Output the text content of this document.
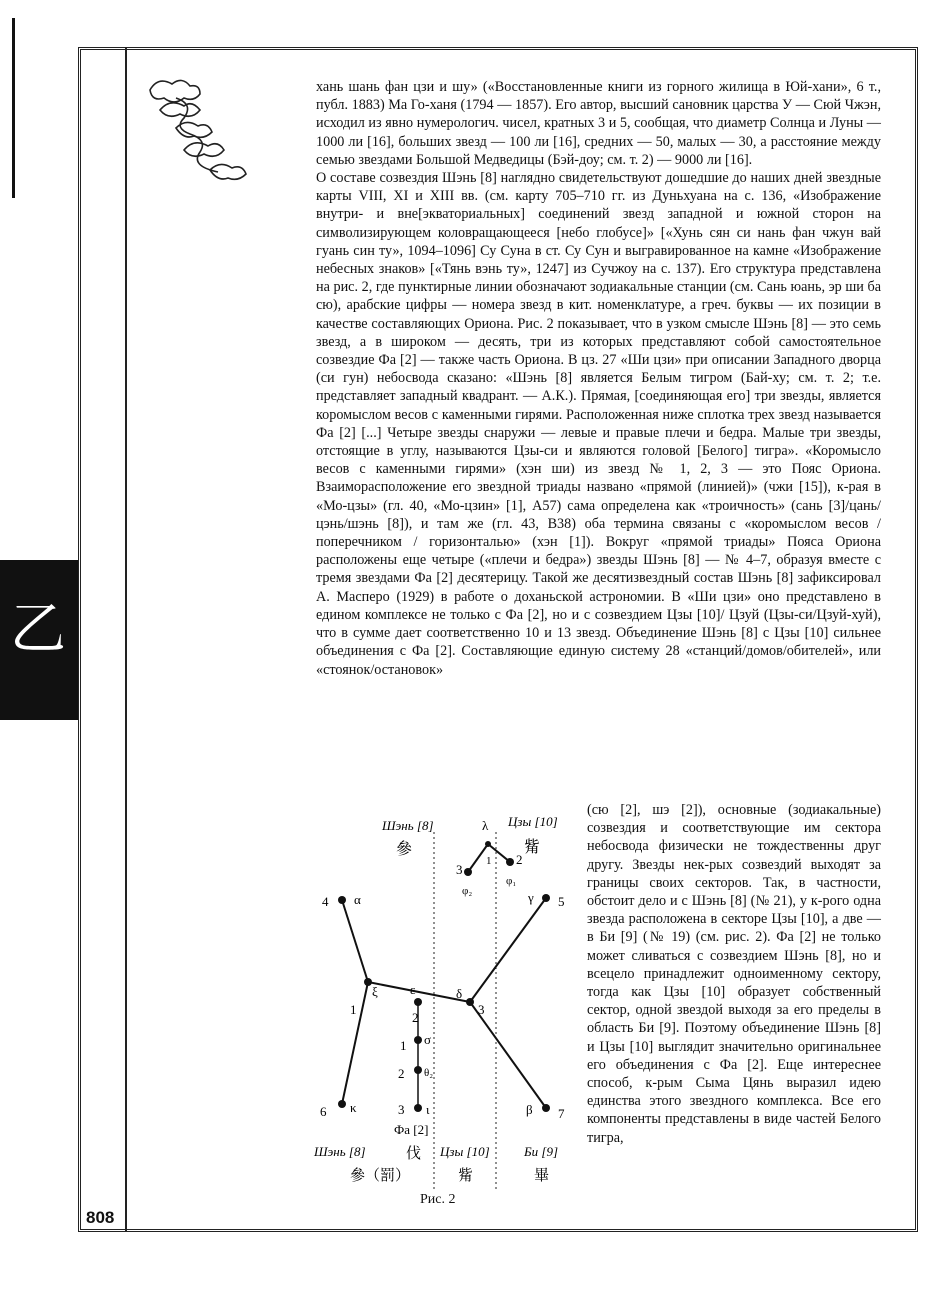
乙
808

хань шань фан цзи и шу» («Восстановленные книги из горного жилища в Юй-хани», 6 т., публ. 1883) Ма Го-ханя (1794 — 1857). Его автор, высший сановник царства У — Сюй Чжэн, исходил из явно нумерологич. чисел, кратных 3 и 5, сообщая, что диаметр Солнца и Луны — 1000 ли [16], больших звезд — 100 ли [16], средних — 50, малых — 30, а расстояние между семью звездами Большой Медведицы (Бэй-доу; см. т. 2) — 9000 ли [16].

О составе созвездия Шэнь [8] наглядно свидетельствуют дошедшие до наших дней звездные карты VIII, XI и XIII вв. (см. карту 705–710 гг. из Дуньхуана на с. 136, «Изображение внутри- и вне[экваториальных] соединений звезд западной и южной сторон на символизирующем коловращающееся [небо глобусе]» [«Хунь сян си нань фан чжун вай гуань син ту», 1094–1096] Су Суна в ст. Су Сун и выгравированное на камне «Изображение небесных знаков» [«Тянь вэнь ту», 1247] из Сучжоу на с. 137). Его структура представлена на рис. 2, где пунктирные линии обозначают зодиакальные станции (см. Сань юань, эр ши ба сю), арабские цифры — номера звезд в кит. номенклатуре, а греч. буквы — их позиции в качестве составляющих Ориона. Рис. 2 показывает, что в узком смысле Шэнь [8] — это семь звезд, а в широком — десять, три из которых представляют собой самостоятельное созвездие Фа [2] — также часть Ориона. В цз. 27 «Ши цзи» при описании Западного дворца (си гун) небосвода сказано: «Шэнь [8] является Белым тигром (Бай-ху; см. т. 2; т.е. представляет западный квадрант. — А.К.). Прямая, [соединяющая его] три звезды, является коромыслом весов с каменными гирями. Расположенная ниже сплотка трех звезд называется Фа [2] [...] Четыре звезды снаружи — левые и правые плечи и бедра. Малые три звезды, отстоящие в углу, называются Цзы-си и являются головой [Белого] тигра». «Коромысло весов с каменными гирями» (хэн ши) из звезд № 1, 2, 3 — это Пояс Ориона. Взаиморасположение его звездной триады названо «прямой (линией)» (чжи [15]), к-рая в «Мо-цзы» (гл. 40, «Мо-цзин» [1], А57) сама определена как «троичность» (сань [3]/цань/цэнь/шэнь [8]), и там же (гл. 43, В38) оба термина связаны с «коромыслом весов / поперечником / горизонталью» (хэн [1]). Вокруг «прямой триады» Пояса Ориона расположены еще четыре («плечи и бедра») звезды Шэнь [8] — № 4–7, образуя вместе с тремя звездами Фа [2] десятерицу. Такой же десятизвездный состав Шэнь [8] зафиксировал А. Масперо (1929) в работе о доханьской астрономии. В «Ши цзи» оно представлено в едином комплексе не только с Фа [2], но и с созвездием Цзы [10]/ Цзуй (Цзы-си/Цзуй-хуй), что в сумме дает соответственно 10 и 13 звезд. Объединение Шэнь [8] с Цзы [10] сильнее объединения с Фа [2]. Составляющие единую систему 28 «станций/домов/обителей», или «стоянок/остановок»

(сю [2], шэ [2]), основные (зодиакальные) созвездия и соответствующие им сектора небосвода физически не тождественны друг другу. Звезды нек-рых созвездий выходят за границы своих секторов. Так, в частности, обстоит дело и с Шэнь [8] (№ 21), у к-рого одна звезда расположена в секторе Цзы [10], а две — в Би [9] (№ 19) (см. рис. 2). Фа [2] не только может сливаться с созвездием Шэнь [8], но и всецело принадлежит одноименному сектору, тогда как Цзы [10] образует собственный сектор, одной звездой выходя за его пределы в область Би [9]. Поэтому объединение Шэнь [8] и Цзы [10] выглядит значительно оригинальнее его объединения с Фа [2]. Еще интереснее способ, к-рым Сыма Цянь выразил идею единства этого звездного комплекса. Все его компоненты представлены в виде частей Белого тигра,

Шэнь [8]
參
Цзы [10]
觜
λ
3
1 2
φ₂
φ₁
4 α	5
γ
ξ ε	δ
1
2
3
1 σ
2 θ₂
3 ι
6 κ	7
β
Фа [2]
Шэнь [8]	伐
參（罰）
Цзы [10]
觜
Би [9]
畢
Рис. 2
